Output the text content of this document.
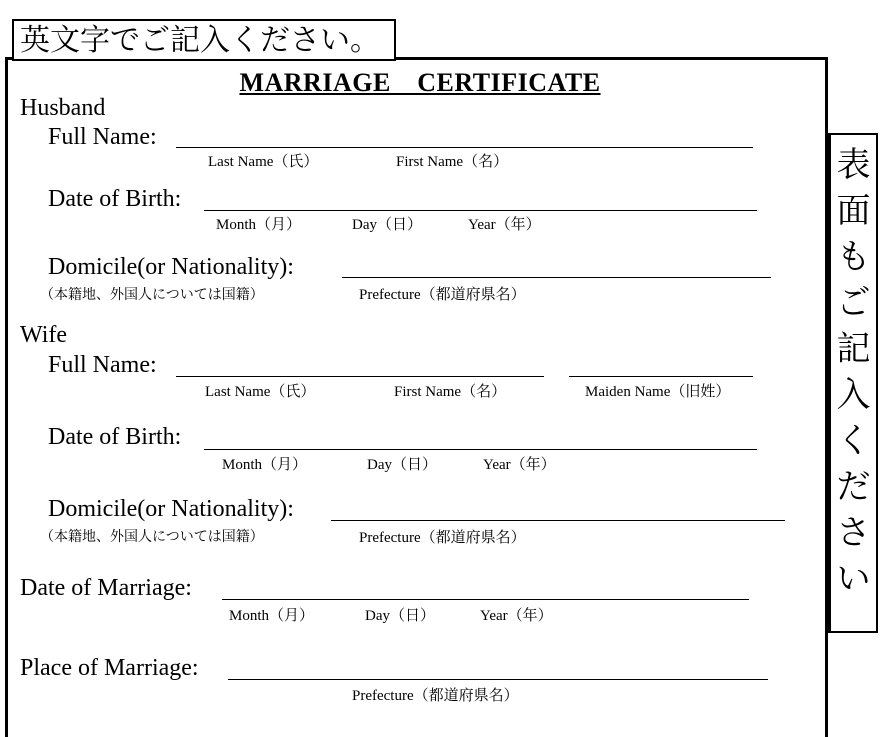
英文字でご記入ください。
表
面
も
ご
記
入
く
だ
さ
い
MARRIAGE　CERTIFICATE
Husband
Full Name:
Last Name（氏）	First Name（名）
Date of Birth:
Month（月）	Day（日）	Year（年）
Domicile(or Nationality):
（本籍地、外国人については国籍）	Prefecture（都道府県名）
Wife
Full Name:
Last Name（氏）	First Name（名）	Maiden Name（旧姓）
Date of Birth:
Month（月）	Day（日）	Year（年）
Domicile(or Nationality):
（本籍地、外国人については国籍）	Prefecture（都道府県名）
Date of Marriage:
Month（月）	Day（日）	Year（年）
Place of Marriage:
Prefecture（都道府県名）
